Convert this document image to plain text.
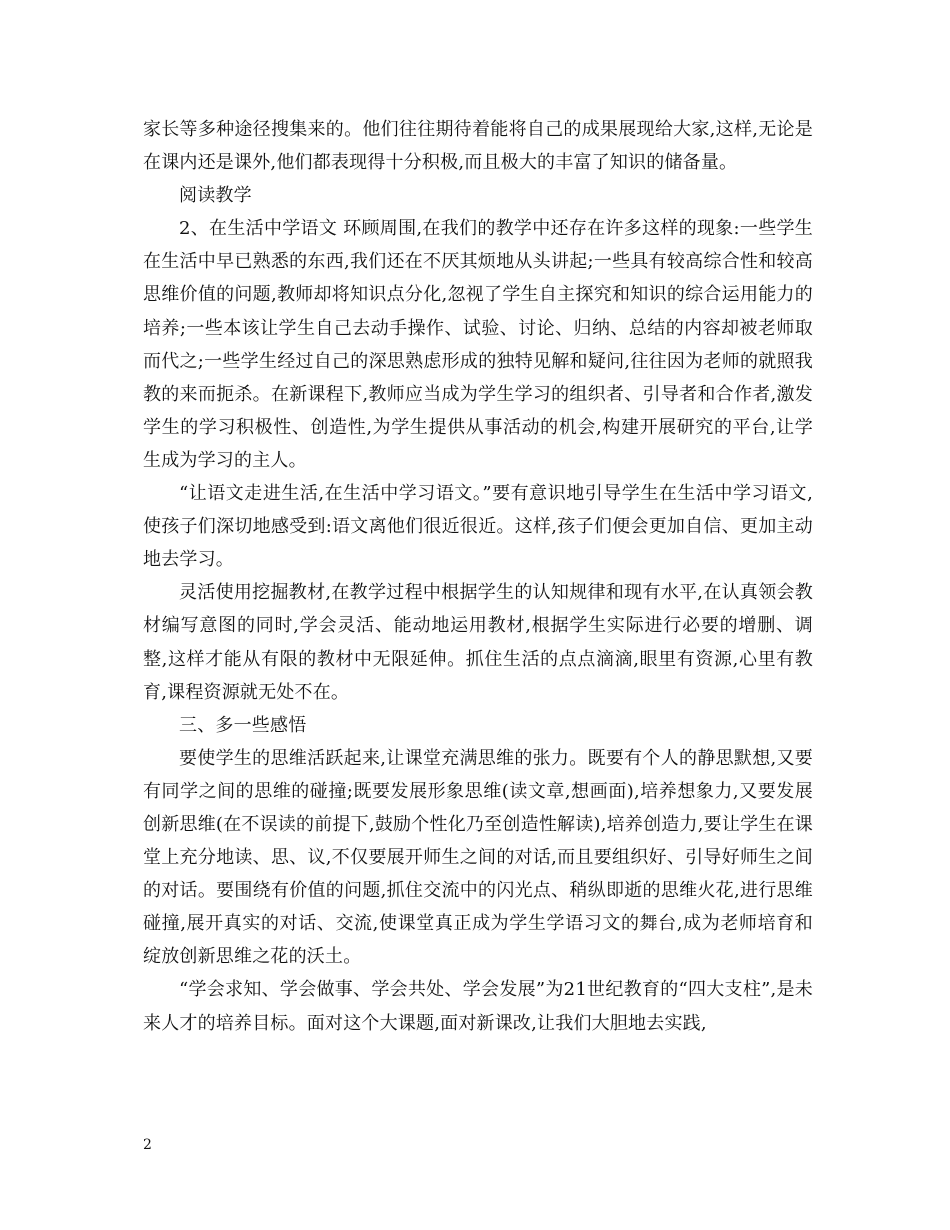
家长等多种途径搜集来的。他们往往期待着能将自己的成果展现给大家,这样,无论是在课内还是课外,他们都表现得十分积极,而且极大的丰富了知识的储备量。

阅读教学

2、在生活中学语文 环顾周围,在我们的教学中还存在许多这样的现象:一些学生在生活中早已熟悉的东西,我们还在不厌其烦地从头讲起;一些具有较高综合性和较高思维价值的问题,教师却将知识点分化,忽视了学生自主探究和知识的综合运用能力的培养;一些本该让学生自己去动手操作、试验、讨论、归纳、总结的内容却被老师取而代之;一些学生经过自己的深思熟虑形成的独特见解和疑问,往往因为老师的就照我教的来而扼杀。在新课程下,教师应当成为学生学习的组织者、引导者和合作者,激发学生的学习积极性、创造性,为学生提供从事活动的机会,构建开展研究的平台,让学生成为学习的主人。

“让语文走进生活,在生活中学习语文。”要有意识地引导学生在生活中学习语文,使孩子们深切地感受到:语文离他们很近很近。这样,孩子们便会更加自信、更加主动地去学习。

灵活使用挖掘教材,在教学过程中根据学生的认知规律和现有水平,在认真领会教材编写意图的同时,学会灵活、能动地运用教材,根据学生实际进行必要的增删、调整,这样才能从有限的教材中无限延伸。抓住生活的点点滴滴,眼里有资源,心里有教育,课程资源就无处不在。

三、多一些感悟

要使学生的思维活跃起来,让课堂充满思维的张力。既要有个人的静思默想,又要有同学之间的思维的碰撞;既要发展形象思维(读文章,想画面),培养想象力,又要发展创新思维(在不误读的前提下,鼓励个性化乃至创造性解读),培养创造力,要让学生在课堂上充分地读、思、议,不仅要展开师生之间的对话,而且要组织好、引导好师生之间的对话。要围绕有价值的问题,抓住交流中的闪光点、稍纵即逝的思维火花,进行思维碰撞,展开真实的对话、交流,使课堂真正成为学生学语习文的舞台,成为老师培育和绽放创新思维之花的沃土。

“学会求知、学会做事、学会共处、学会发展”为21世纪教育的“四大支柱”,是未来人才的培养目标。面对这个大课题,面对新课改,让我们大胆地去实践,

2
